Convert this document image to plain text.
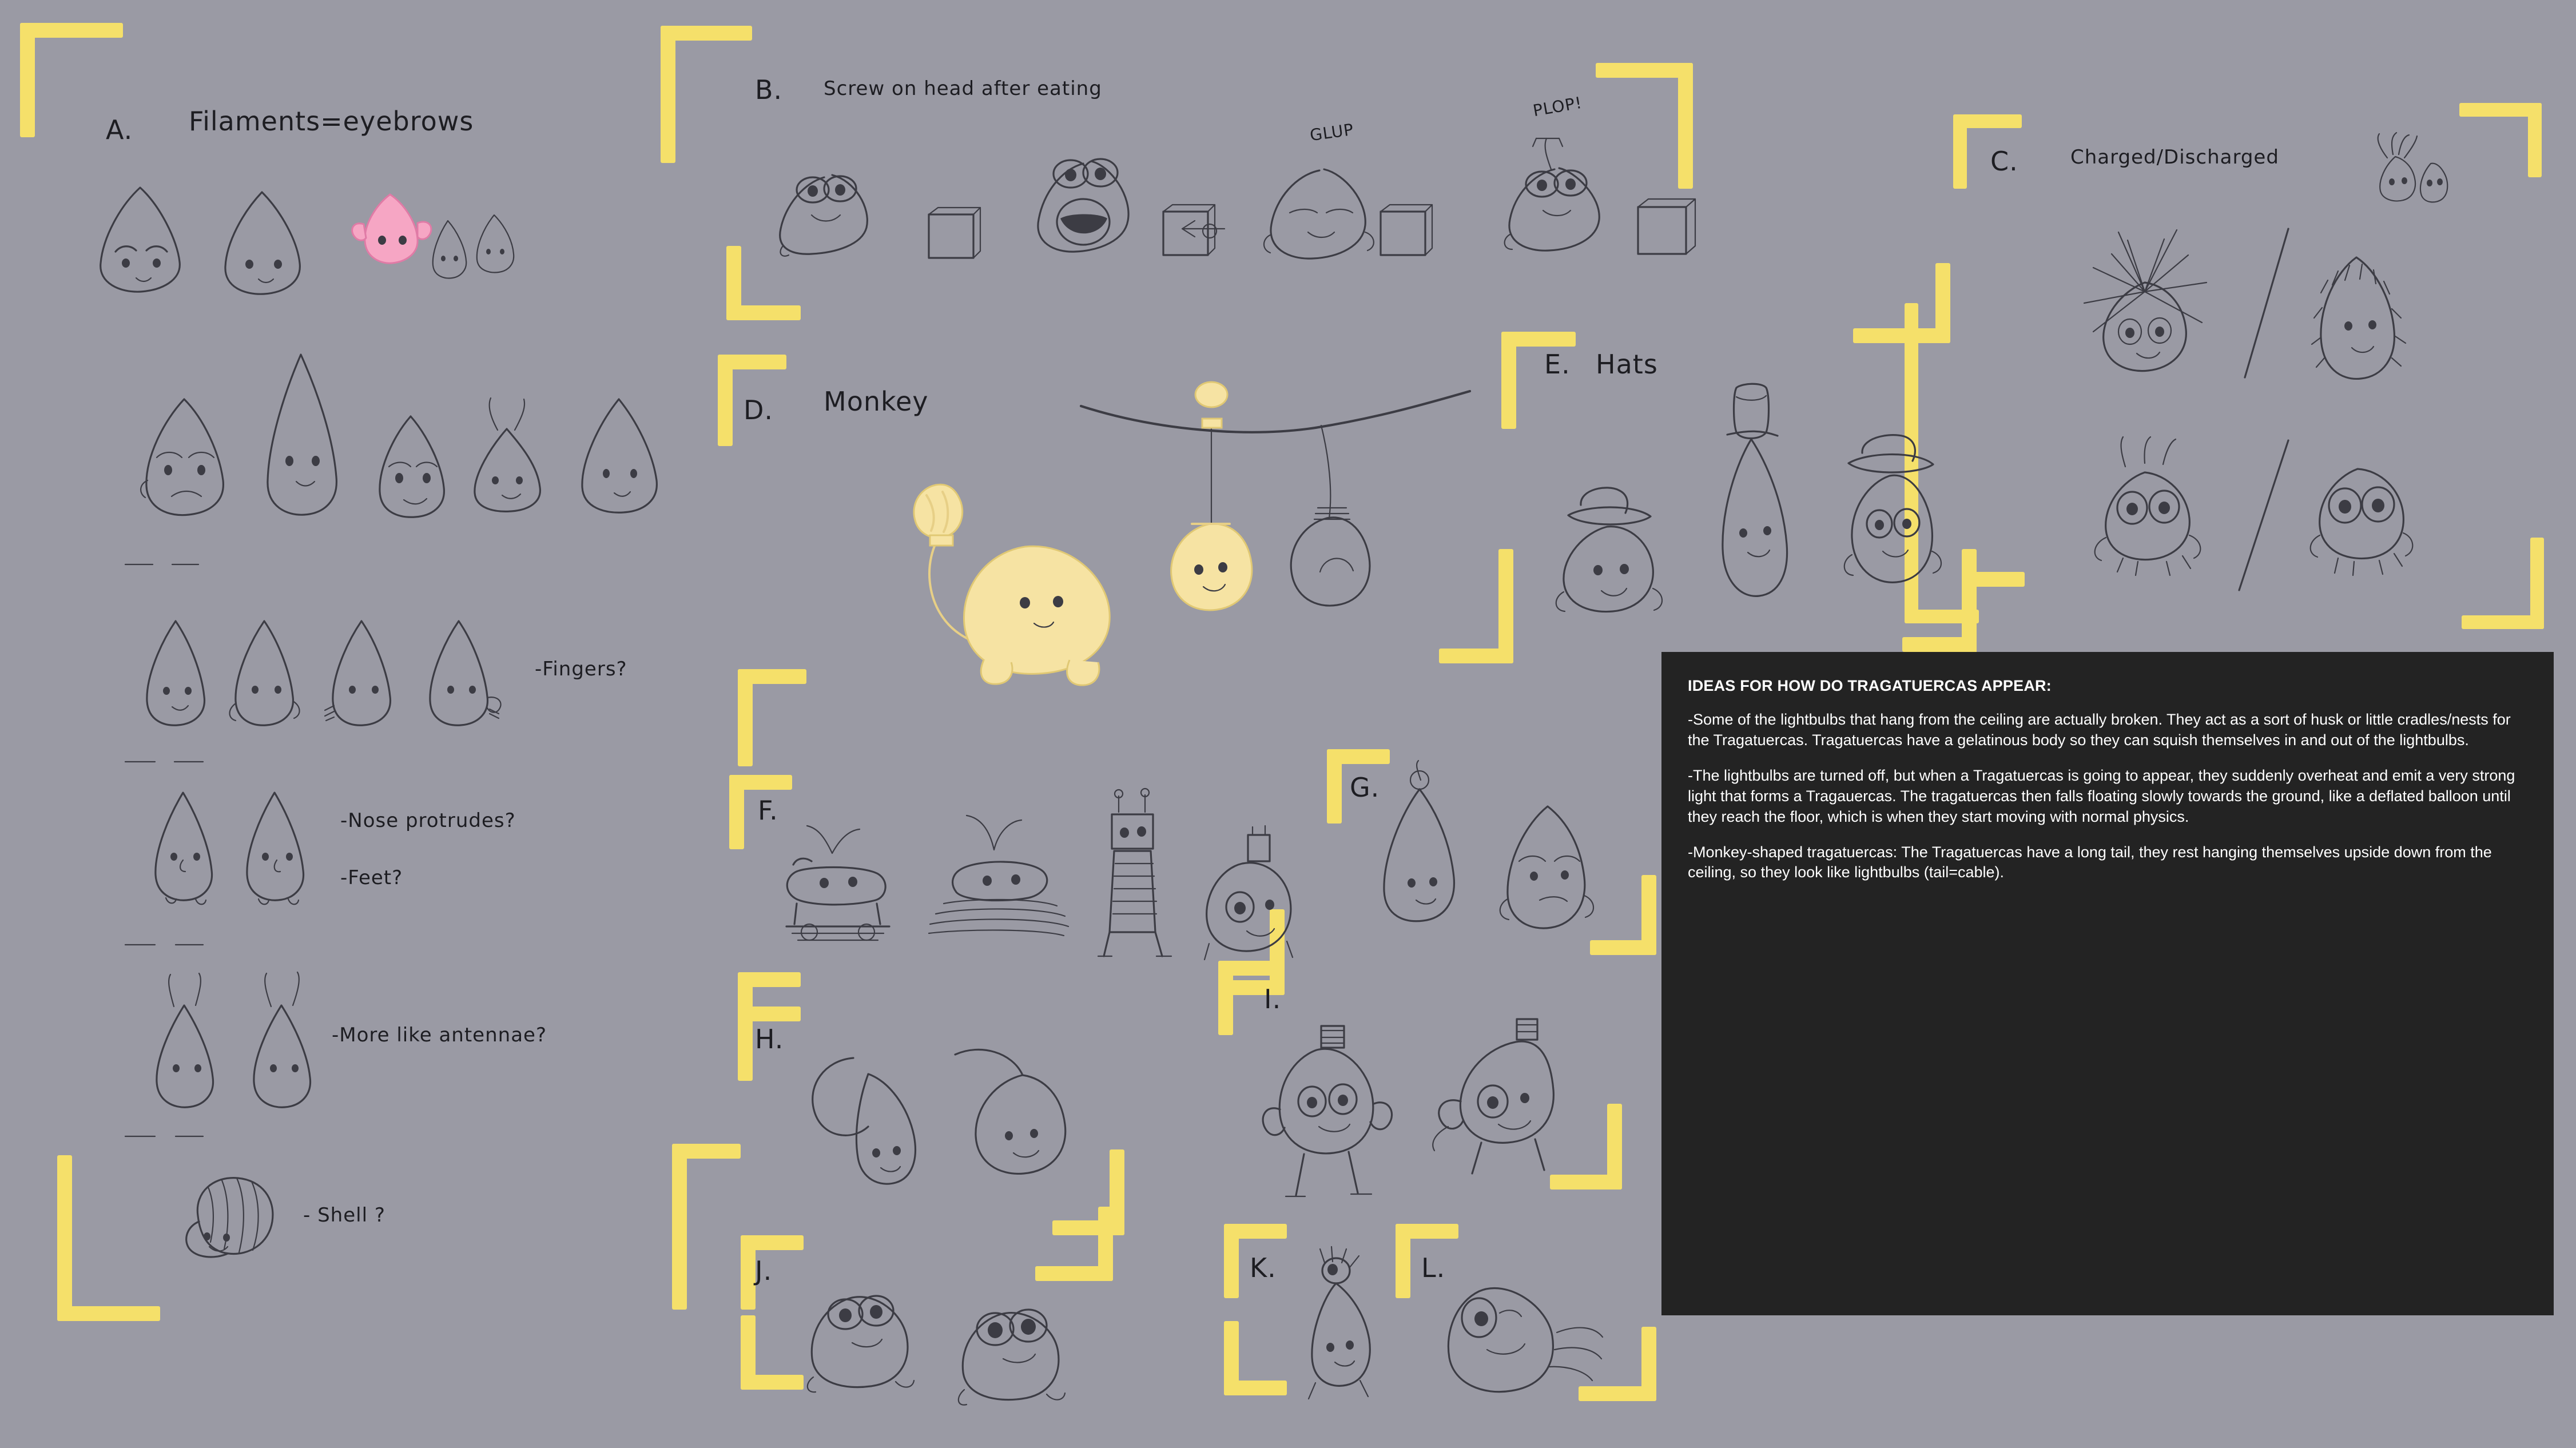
A. Filaments=eyebrows
-Fingers?
-Nose protrudes?
-Feet?
-More like antennae?
- Shell ?
B. Screw on head after eating
GLUP
PLOP!
C.	Charged/Discharged
D. Monkey
E. Hats
F.
G.
H.
I.
J.	K.	L.
IDEAS FOR HOW DO TRAGATUERCAS APPEAR:

-Some of the lightbulbs that hang from the ceiling are actually broken. They act as a sort of husk or little cradles/nests for the Tragatuercas. Tragatuercas have a gelatinous body so they can squish themselves in and out of the lightbulbs.

-The lightbulbs are turned off, but when a Tragatuercas is going to appear, they suddenly overheat and emit a very strong light that forms a Tragauercas. The tragatuercas then falls floating slowly towards the ground, like a deflated balloon until they reach the floor, which is when they start moving with normal physics.

-Monkey-shaped tragatuercas: The Tragatuercas have a long tail, they rest hanging themselves upside down from the ceiling, so they look like lightbulbs (tail=cable).
